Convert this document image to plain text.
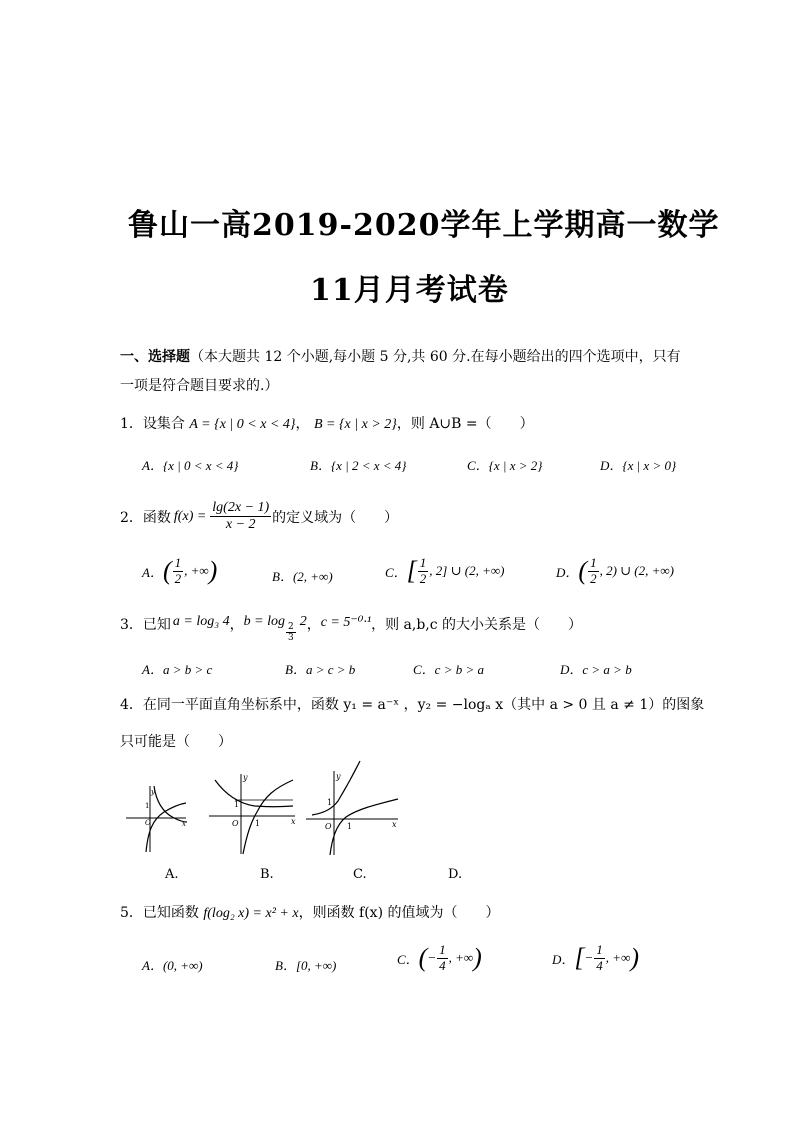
鲁山一高2019-2020学年上学期高一数学
11月月考试卷
一、选择题（本大题共 12 个小题,每小题 5 分,共 60 分.在每小题给出的四个选项中，只有
一项是符合题目要求的.）
1．设集合 A = {x | 0 < x < 4}， B = {x | x > 2}，则 A∪B =（　　）
A．{x | 0 < x < 4}	B．{x | 2 < x < 4}	C．{x | x > 2}	D．{x | x > 0}
2．函数 $f(x) = \frac{\lg(2x - 1)}{x - 2}$ 的定义域为（　　）
A． ( $\frac{1}{2}$ , +∞ )	B．(2, +∞)	C． [ $\frac{1}{2}$ , 2] ∪ (2, +∞)	D． ( $\frac{1}{2}$ , 2) ∪ (2, +∞)
3．已知 a = log₃ 4 ， b = log
$\frac{2}{3}$
2 ， c = 5⁻⁰·¹ ，则 a,b,c 的大小关系是（　　）
A．a > b > c	B．a > c > b	C．c > b > a	D．c > a > b
4．在同一平面直角坐标系中，函数 y₁ = a⁻ˣ ，y₂ = −logₐ x（其中 a > 0 且 a ≠ 1）的图象
只可能是（　　）
y
O
1
x
y
O
1
1	x
y
O
1
1	x
A.	B.	C.	D.
5．已知函数 f(log₂ x) = x² + x，则函数 f(x) 的值域为（　　）
A．(0, +∞)	B．[0, +∞)	C． ( − $\frac{1}{4}$ , +∞ )	D． [ − $\frac{1}{4}$ , +∞ )
